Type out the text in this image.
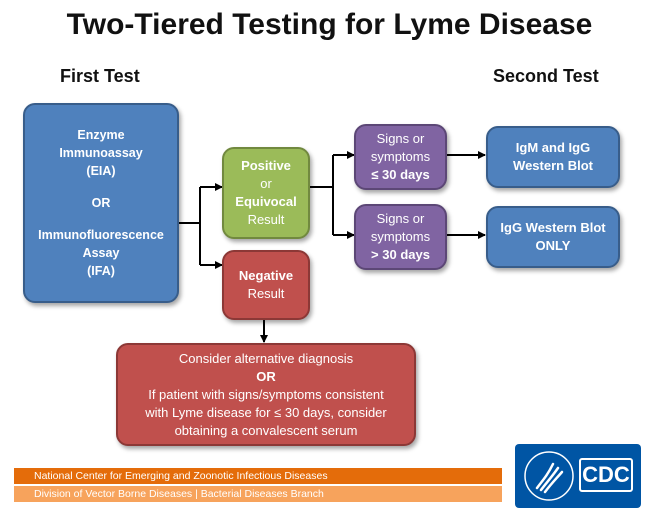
Two-Tiered Testing for Lyme Disease
First Test	Second Test
Enzyme
Immunoassay
(EIA)
OR
Immunofluorescence
Assay
(IFA)
Positive
or
Equivocal
Result
Negative
Result
Signs or
symptoms
≤ 30 days
Signs or
symptoms
> 30 days
IgM and IgG
Western Blot
IgG Western Blot
ONLY
Consider alternative diagnosis
OR
If patient with signs/symptoms consistent
with Lyme disease for ≤ 30 days, consider
obtaining a convalescent serum
National Center for Emerging and Zoonotic Infectious Diseases
Division of Vector Borne Diseases | Bacterial Diseases Branch
CDC
